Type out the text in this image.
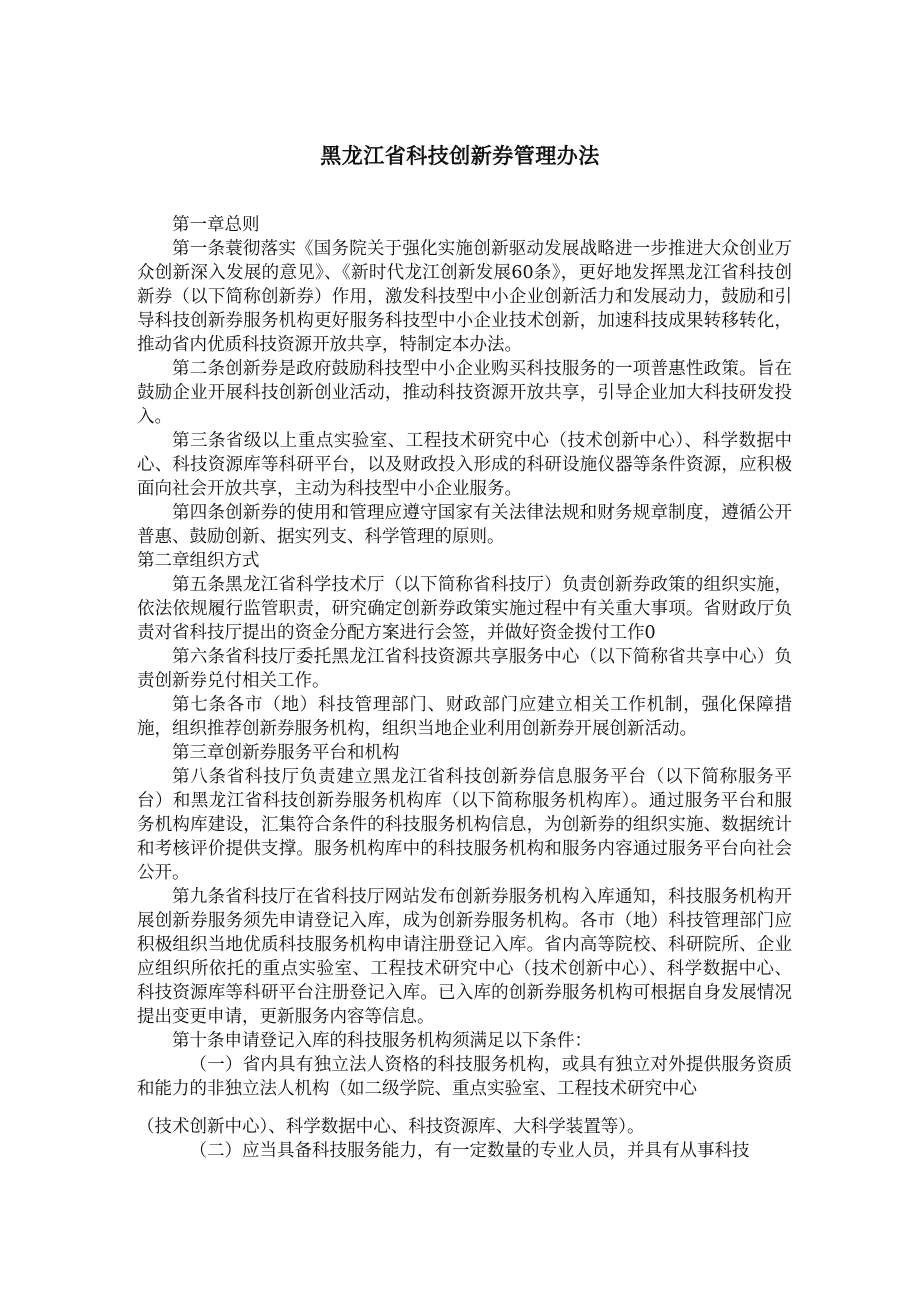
黑龙江省科技创新券管理办法

第一章总则

第一条蓑彻落实《国务院关于强化实施创新驱动发展战略进一步推进大众创业万众创新深入发展的意见》、《新时代龙江创新发展60条》，更好地发挥黑龙江省科技创新券（以下简称创新券）作用，激发科技型中小企业创新活力和发展动力，鼓励和引导科技创新券服务机构更好服务科技型中小企业技术创新，加速科技成果转移转化，推动省内优质科技资源开放共享，特制定本办法。

第二条创新券是政府鼓励科技型中小企业购买科技服务的一项普惠性政策。旨在鼓励企业开展科技创新创业活动，推动科技资源开放共享，引导企业加大科技研发投入。

第三条省级以上重点实验室、工程技术研究中心（技术创新中心）、科学数据中心、科技资源库等科研平台，以及财政投入形成的科研设施仪器等条件资源，应积极面向社会开放共享，主动为科技型中小企业服务。

第四条创新券的使用和管理应遵守国家有关法律法规和财务规章制度，遵循公开普惠、鼓励创新、据实列支、科学管理的原则。

第二章组织方式

第五条黑龙江省科学技术厅（以下简称省科技厅）负责创新券政策的组织实施，依法依规履行监管职责，研究确定创新券政策实施过程中有关重大事项。省财政厅负责对省科技厅提出的资金分配方案进行会签，并做好资金拨付工作0

第六条省科技厅委托黑龙江省科技资源共享服务中心（以下简称省共享中心）负责创新券兑付相关工作。

第七条各市（地）科技管理部门、财政部门应建立相关工作机制，强化保障措施，组织推荐创新券服务机构，组织当地企业利用创新券开展创新活动。

第三章创新券服务平台和机构

第八条省科技厅负责建立黑龙江省科技创新券信息服务平台（以下简称服务平台）和黑龙江省科技创新券服务机构库（以下简称服务机构库）。通过服务平台和服务机构库建设，汇集符合条件的科技服务机构信息，为创新券的组织实施、数据统计和考核评价提供支撑。服务机构库中的科技服务机构和服务内容通过服务平台向社会公开。

第九条省科技厅在省科技厅网站发布创新券服务机构入库通知，科技服务机构开展创新券服务须先申请登记入库，成为创新券服务机构。各市（地）科技管理部门应积极组织当地优质科技服务机构申请注册登记入库。省内高等院校、科研院所、企业应组织所依托的重点实验室、工程技术研究中心（技术创新中心）、科学数据中心、科技资源库等科研平台注册登记入库。已入库的创新券服务机构可根据自身发展情况提出变更申请，更新服务内容等信息。

第十条申请登记入库的科技服务机构须满足以下条件：

（一）省内具有独立法人资格的科技服务机构，或具有独立对外提供服务资质和能力的非独立法人机构（如二级学院、重点实验室、工程技术研究中心

（技术创新中心）、科学数据中心、科技资源库、大科学装置等）。

（二）应当具备科技服务能力，有一定数量的专业人员，并具有从事科技
